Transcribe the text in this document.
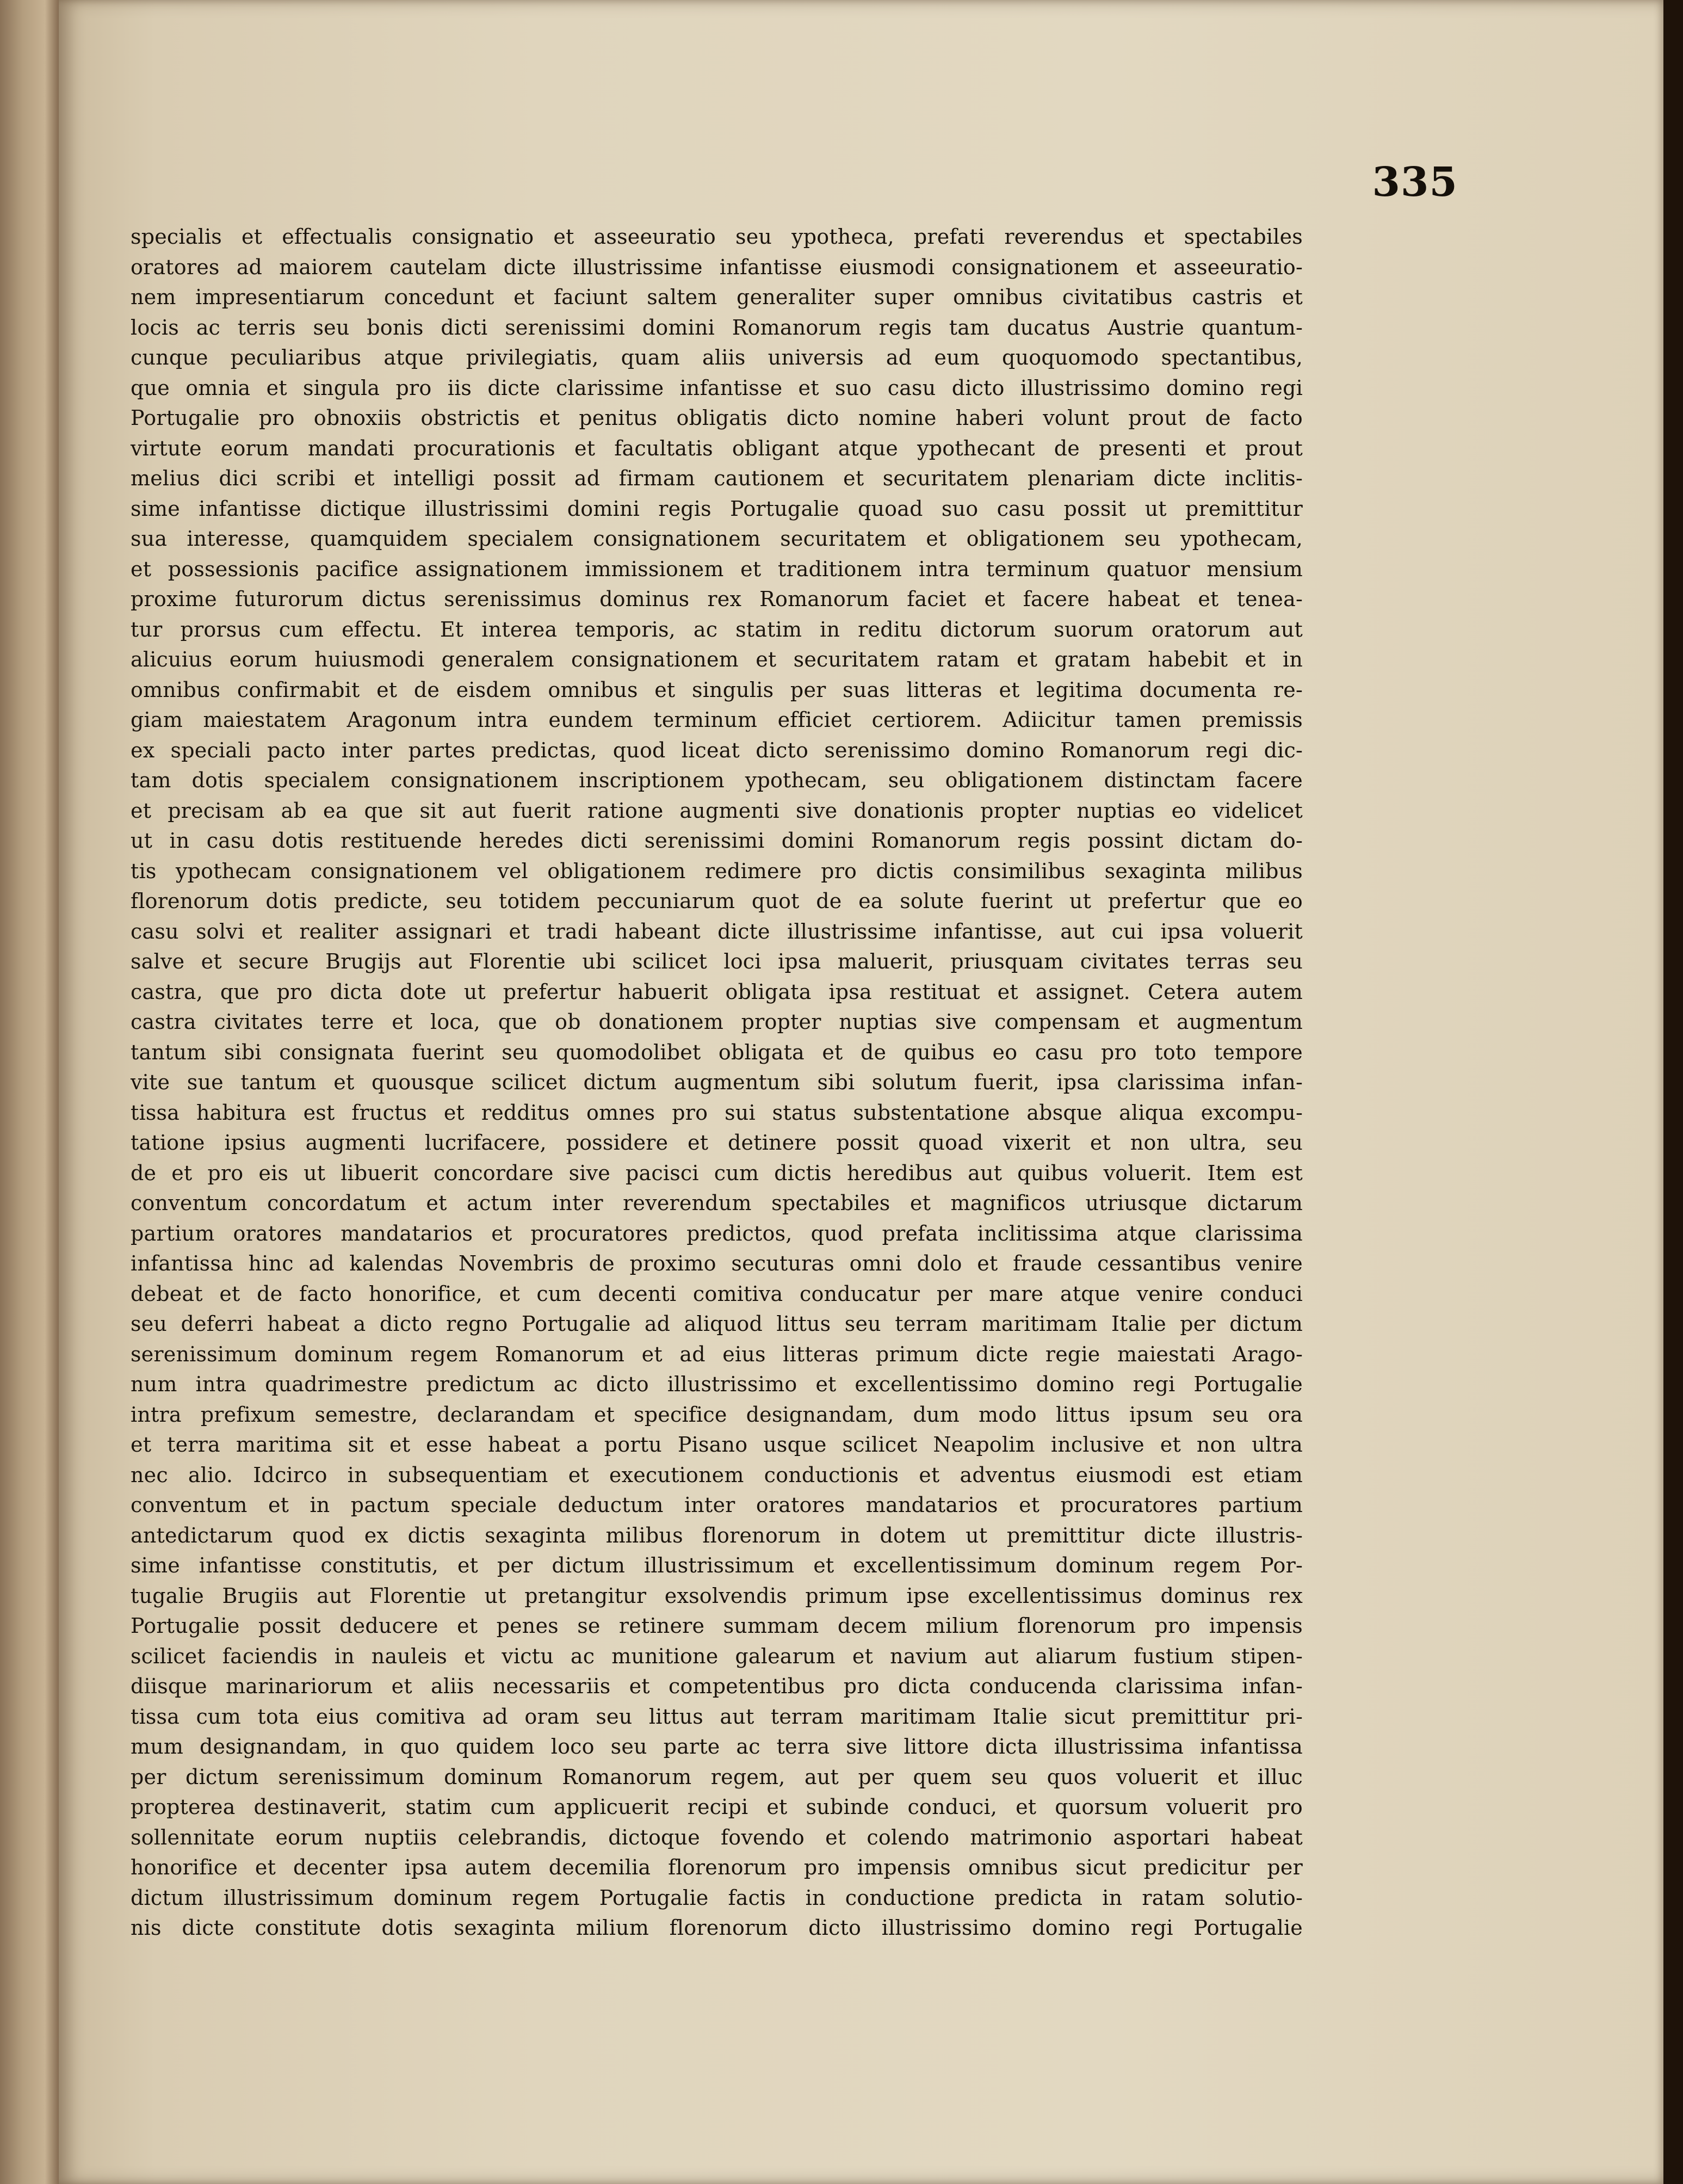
335
specialis et effectualis consignatio et asseeuratio seu ypotheca, prefati reverendus et spectabiles
oratores ad maiorem cautelam dicte illustrissime infantisse eiusmodi consignationem et asseeuratio-
nem impresentiarum concedunt et faciunt saltem generaliter super omnibus civitatibus castris et
locis ac terris seu bonis dicti serenissimi domini Romanorum regis tam ducatus Austrie quantum-
cunque peculiaribus atque privilegiatis, quam aliis universis ad eum quoquomodo spectantibus,
que omnia et singula pro iis dicte clarissime infantisse et suo casu dicto illustrissimo domino regi
Portugalie pro obnoxiis obstrictis et penitus obligatis dicto nomine haberi volunt prout de facto
virtute eorum mandati procurationis et facultatis obligant atque ypothecant de presenti et prout
melius dici scribi et intelligi possit ad firmam cautionem et securitatem plenariam dicte inclitis-
sime infantisse dictique illustrissimi domini regis Portugalie quoad suo casu possit ut premittitur
sua interesse, quamquidem specialem consignationem securitatem et obligationem seu ypothecam,
et possessionis pacifice assignationem immissionem et traditionem intra terminum quatuor mensium
proxime futurorum dictus serenissimus dominus rex Romanorum faciet et facere habeat et tenea-
tur prorsus cum effectu. Et interea temporis, ac statim in reditu dictorum suorum oratorum aut
alicuius eorum huiusmodi generalem consignationem et securitatem ratam et gratam habebit et in
omnibus confirmabit et de eisdem omnibus et singulis per suas litteras et legitima documenta re-
giam maiestatem Aragonum intra eundem terminum efficiet certiorem. Adiicitur tamen premissis
ex speciali pacto inter partes predictas, quod liceat dicto serenissimo domino Romanorum regi dic-
tam dotis specialem consignationem inscriptionem ypothecam, seu obligationem distinctam facere
et precisam ab ea que sit aut fuerit ratione augmenti sive donationis propter nuptias eo videlicet
ut in casu dotis restituende heredes dicti serenissimi domini Romanorum regis possint dictam do-
tis ypothecam consignationem vel obligationem redimere pro dictis consimilibus sexaginta milibus
florenorum dotis predicte, seu totidem peccuniarum quot de ea solute fuerint ut prefertur que eo
casu solvi et realiter assignari et tradi habeant dicte illustrissime infantisse, aut cui ipsa voluerit
salve et secure Brugijs aut Florentie ubi scilicet loci ipsa maluerit, priusquam civitates terras seu
castra, que pro dicta dote ut prefertur habuerit obligata ipsa restituat et assignet. Cetera autem
castra civitates terre et loca, que ob donationem propter nuptias sive compensam et augmentum
tantum sibi consignata fuerint seu quomodolibet obligata et de quibus eo casu pro toto tempore
vite sue tantum et quousque scilicet dictum augmentum sibi solutum fuerit, ipsa clarissima infan-
tissa habitura est fructus et redditus omnes pro sui status substentatione absque aliqua excompu-
tatione ipsius augmenti lucrifacere, possidere et detinere possit quoad vixerit et non ultra, seu
de et pro eis ut libuerit concordare sive pacisci cum dictis heredibus aut quibus voluerit. Item est
conventum concordatum et actum inter reverendum spectabiles et magnificos utriusque dictarum
partium oratores mandatarios et procuratores predictos, quod prefata inclitissima atque clarissima
infantissa hinc ad kalendas Novembris de proximo secuturas omni dolo et fraude cessantibus venire
debeat et de facto honorifice, et cum decenti comitiva conducatur per mare atque venire conduci
seu deferri habeat a dicto regno Portugalie ad aliquod littus seu terram maritimam Italie per dictum
serenissimum dominum regem Romanorum et ad eius litteras primum dicte regie maiestati Arago-
num intra quadrimestre predictum ac dicto illustrissimo et excellentissimo domino regi Portugalie
intra prefixum semestre, declarandam et specifice designandam, dum modo littus ipsum seu ora
et terra maritima sit et esse habeat a portu Pisano usque scilicet Neapolim inclusive et non ultra
nec alio. Idcirco in subsequentiam et executionem conductionis et adventus eiusmodi est etiam
conventum et in pactum speciale deductum inter oratores mandatarios et procuratores partium
antedictarum quod ex dictis sexaginta milibus florenorum in dotem ut premittitur dicte illustris-
sime infantisse constitutis, et per dictum illustrissimum et excellentissimum dominum regem Por-
tugalie Brugiis aut Florentie ut pretangitur exsolvendis primum ipse excellentissimus dominus rex
Portugalie possit deducere et penes se retinere summam decem milium florenorum pro impensis
scilicet faciendis in nauleis et victu ac munitione galearum et navium aut aliarum fustium stipen-
diisque marinariorum et aliis necessariis et competentibus pro dicta conducenda clarissima infan-
tissa cum tota eius comitiva ad oram seu littus aut terram maritimam Italie sicut premittitur pri-
mum designandam, in quo quidem loco seu parte ac terra sive littore dicta illustrissima infantissa
per dictum serenissimum dominum Romanorum regem, aut per quem seu quos voluerit et illuc
propterea destinaverit, statim cum applicuerit recipi et subinde conduci, et quorsum voluerit pro
sollennitate eorum nuptiis celebrandis, dictoque fovendo et colendo matrimonio asportari habeat
honorifice et decenter ipsa autem decemilia florenorum pro impensis omnibus sicut predicitur per
dictum illustrissimum dominum regem Portugalie factis in conductione predicta in ratam solutio-
nis dicte constitute dotis sexaginta milium florenorum dicto illustrissimo domino regi Portugalie
